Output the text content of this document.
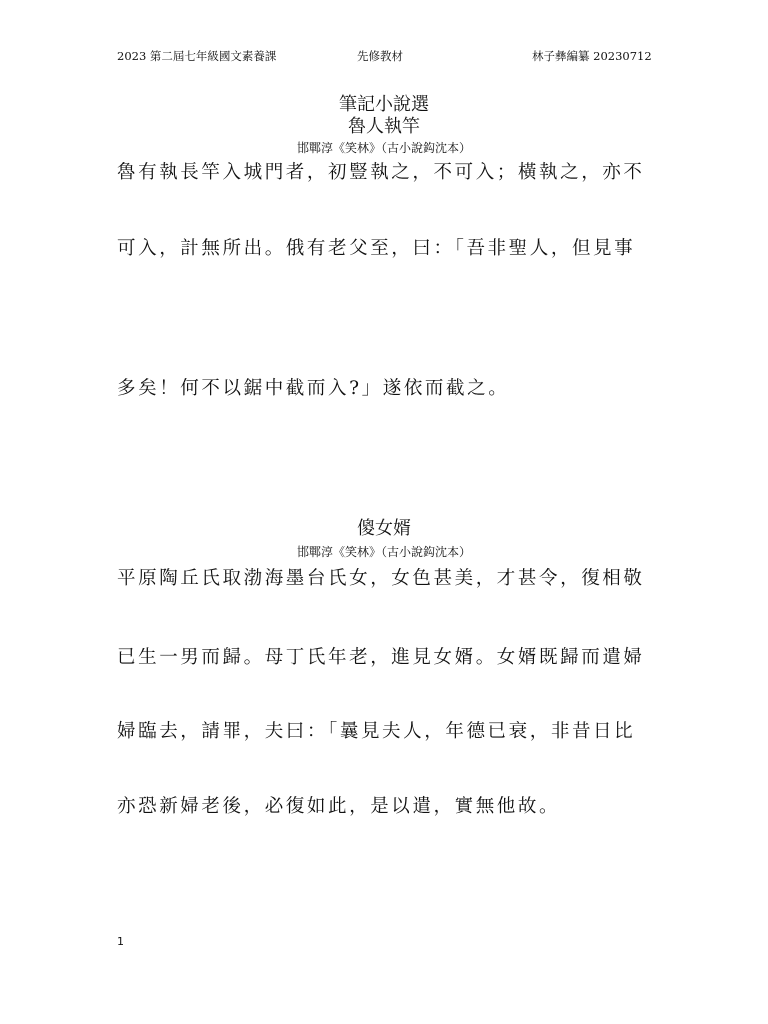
2023 第二屆七年級國文素養課	先修教材	林子彝編纂 20230712
筆記小說選
魯人執竿
邯鄲淳《笑林》（古小說鈎沈本）
魯有執長竿入城門者，初豎執之，不可入；橫執之，亦不
可入，計無所出。俄有老父至，曰：「吾非聖人，但見事
多矣！何不以鋸中截而入?」遂依而截之。
傻女婿
邯鄲淳《笑林》（古小說鈎沈本）
平原陶丘氏取渤海墨台氏女，女色甚美，才甚令，復相敬
已生一男而歸。母丁氏年老，進見女婿。女婿既歸而遣婦
婦臨去，請罪，夫曰：「曩見夫人，年德已衰，非昔日比
亦恐新婦老後，必復如此，是以遣，實無他故。
1
